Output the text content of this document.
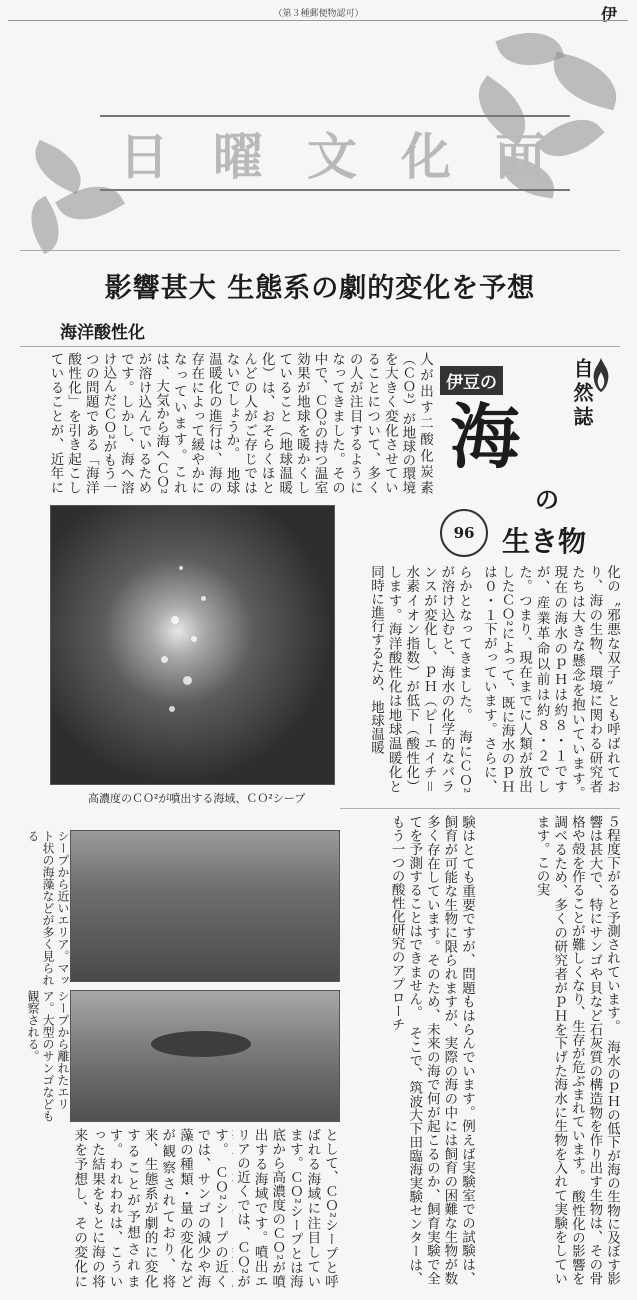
（第３種郵便物認可）	伊
日 曜 文 化 面
影響甚大 生態系の劇的変化を予想
海洋酸性化
伊豆の
海
自然誌
の
生き物
96
人が出す二酸化炭素（ＣＯ²）が地球の環境を大きく変化させていることについて、多くの人が注目するようになってきました。その中で、ＣＯ²の持つ温室効果が地球を暖かくしていること（地球温暖化）は、おそらくほとんどの人がご存じではないでしょうか。　地球温暖化の進行は、海の存在によって緩やかになっています。これは、大気から海へＣＯ²が溶け込んでいるためです。しかし、海へ溶け込んだＣＯ²がもう一つの問題である「海洋酸性化」を引き起こしていることが、近年に
化の〝邪悪な双子〟とも呼ばれており、海の生物、環境に関わる研究者たちは大きな懸念を抱いています。　現在の海水のｐＨは約８・１ですが、産業革命以前は約８・２でした。つまり、現在までに人類が放出したＣＯ²によって、既に海水のｐＨは０・１下がっています。さらに、
らかとなってきました。　海にＣＯ²が溶け込むと、海水の化学的なバランスが変化し、ｐＨ（ピーエイチ＝水素イオン指数）が低下（酸性化）します。海洋酸性化は地球温暖化と同時に進行するため、地球温暖
高濃度のＣＯ²が噴出する海域、ＣＯ²シープ
５程度下がると予測されています。　海水のｐＨの低下が海の生物に及ぼす影響は甚大で、特にサンゴや貝など石灰質の構造物を作り出す生物は、その骨格や殻を作ることが難しくなり、生存が危ぶまれています。　酸性化の影響を調べるため、多くの研究者がｐＨを下げた海水に生物を入れて実験をしています。この実
験はとても重要ですが、問題もはらんでいます。例えば実験室での試験は、飼育が可能な生物に限られますが、実際の海の中には飼育の困難な生物が数多く存在しています。そのため、未来の海で何が起こるのか、飼育実験で全てを予測することはできません。　そこで、筑波大下田臨海実験センターは、もう一つの酸性化研究のアプローチ
シープから近いエリア。マット状の海藻などが多く見られる
シープから離れたエリア。大型のサンゴなども観察される。
として、ＣＯ²シープと呼ばれる海域に注目しています。ＣＯ²シープとは海底から高濃度のＣＯ²が噴出する海域です。噴出エリアの近くでは、ＣＯ²が
す。　ＣＯ²シープの近くでは、サンゴの減少や海藻の種類・量の変化などが観察されており、将来、生態系が劇的に変化することが予想されます。われわれは、こういった結果をもとに海の将来を予想し、その変化に
